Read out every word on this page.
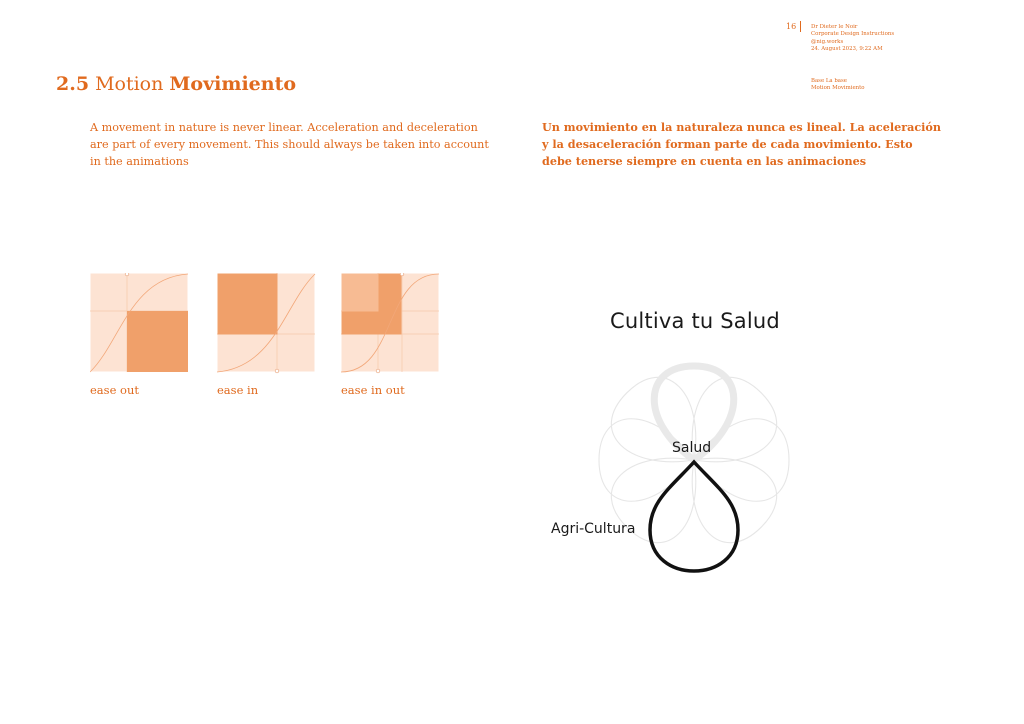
16	Dr Dieter le Noir
Corporate Design Instructions
@nig.works
24. August 2023, 9:22 AM
Base La base
Motion Movimiento
2.5 Motion Movimiento
A movement in nature is never linear. Acceleration and deceleration are part of every movement. This should always be taken into account in the animations
Un movimiento en la naturaleza nunca es lineal. La aceleración y la desaceleración forman parte de cada movimiento. Esto debe tenerse siempre en cuenta en las animaciones
ease out	ease in	ease in out
Cultiva tu Salud
Salud
Agri-Cultura
